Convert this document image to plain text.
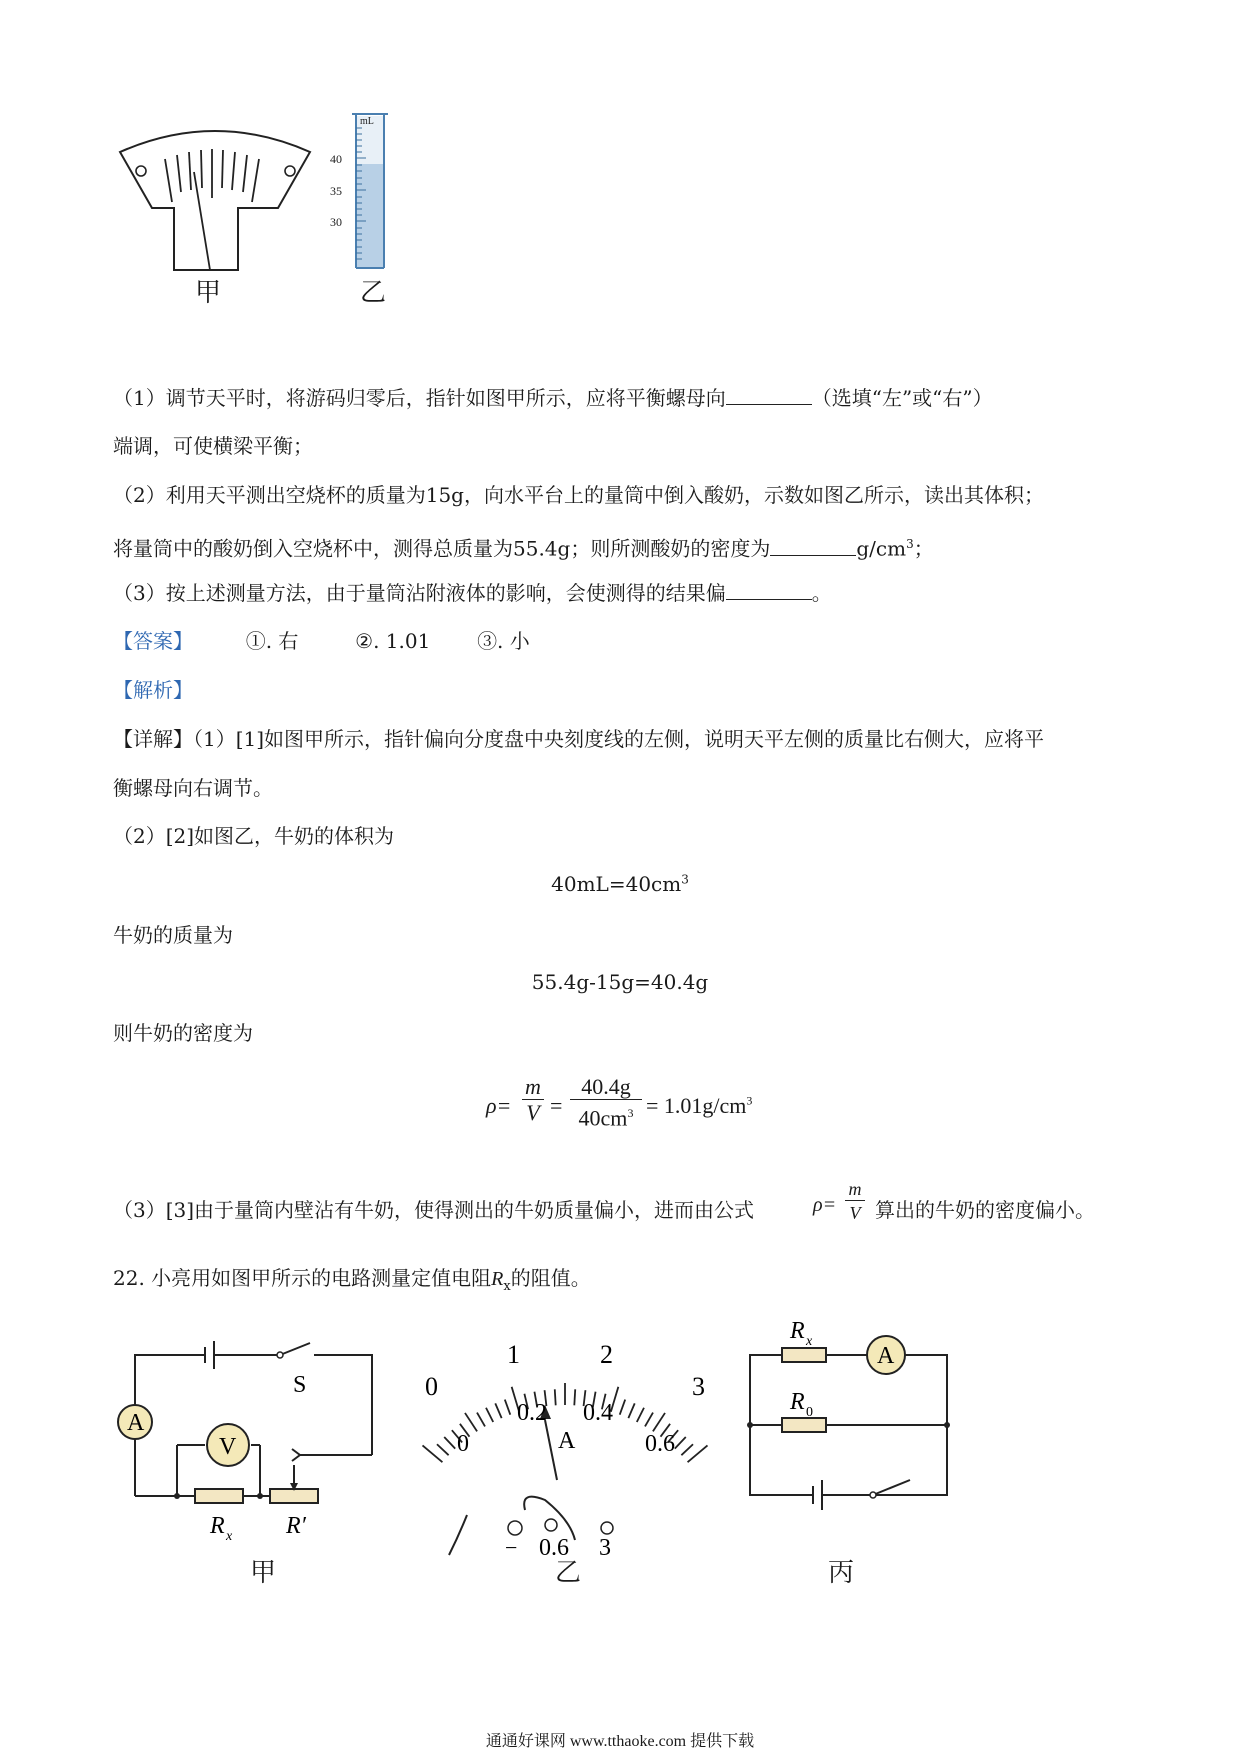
甲
mL
40
35
30
乙
（1）调节天平时，将游码归零后，指针如图甲所示，应将平衡螺母向	（选填“左”或“右”）
端调，可使横梁平衡；
（2）利用天平测出空烧杯的质量为15g，向水平台上的量筒中倒入酸奶，示数如图乙所示，读出其体积；
将量筒中的酸奶倒入空烧杯中，测得总质量为55.4g；则所测酸奶的密度为	$g/cm^3$；
（3）按上述测量方法，由于量筒沾附液体的影响，会使测得的结果偏	。
【答案】	①. 右	②. 1.01 ③. 小
【解析】
【详解】（1）[1]如图甲所示，指针偏向分度盘中央刻度线的左侧，说明天平左侧的质量比右侧大，应将平
衡螺母向右调节。
（2）[2]如图乙，牛奶的体积为
$40mL=40cm^3$
牛奶的质量为
55.4g-15g=40.4g
则牛奶的密度为
ρ=
m
V =
40.4g
$40cm^3 = 1.01g/cm^3$
（3）[3]由于量筒内壁沾有牛奶，使得测出的牛奶质量偏小，进而由公式	ρ=
m
V 算出的牛奶的密度偏小。
22. 小亮用如图甲所示的电路测量定值电阻$R_x$的阻值。
A
V
S
R x R′
甲
0
1	2
3
0
0.2 0.4
0.6
A
− 0.6 3
乙
A
R x
R 0
丙
通通好课网 www.tthaoke.com 提供下载
